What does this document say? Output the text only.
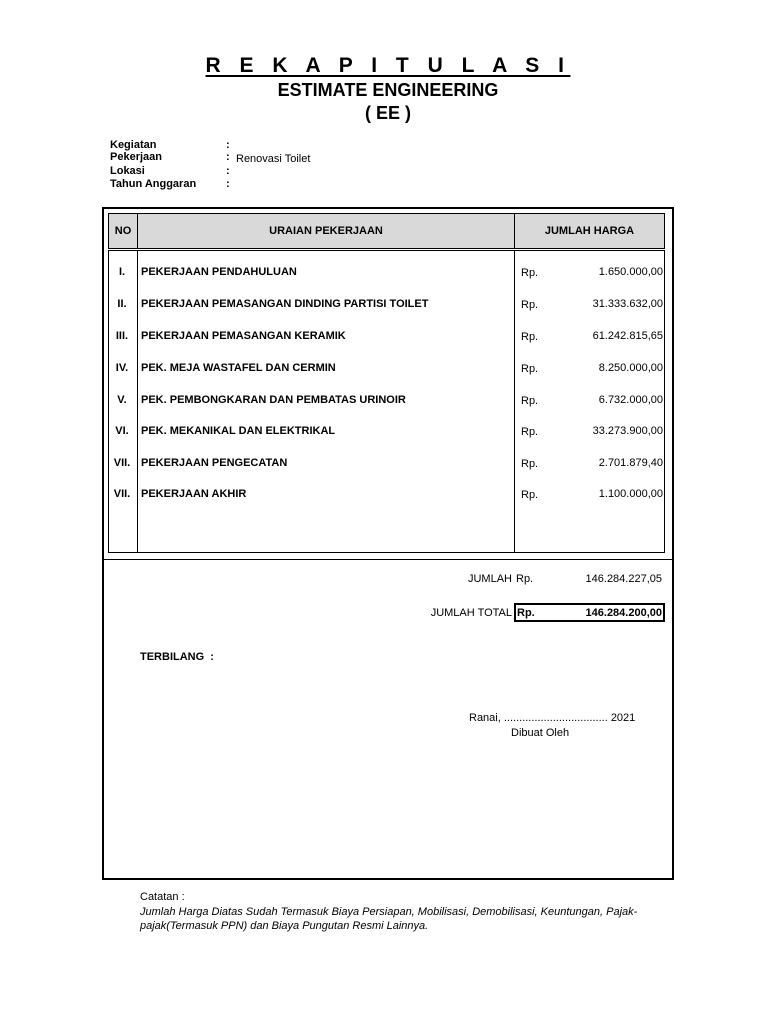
R E K A P I T U L A S I
ESTIMATE ENGINEERING
( EE )
Kegiatan	:
Pekerjaan	: Renovasi Toilet
Lokasi	:
Tahun Anggaran	:
NO	URAIAN PEKERJAAN	JUMLAH HARGA
I.	PEKERJAAN PENDAHULUAN	Rp.	1.650.000,00
II.	PEKERJAAN PEMASANGAN DINDING PARTISI TOILET	Rp.	31.333.632,00
III.	PEKERJAAN PEMASANGAN KERAMIK	Rp.	61.242.815,65
IV.	PEK. MEJA WASTAFEL DAN CERMIN	Rp.	8.250.000,00
V.	PEK. PEMBONGKARAN DAN PEMBATAS URINOIR	Rp.	6.732.000,00
VI.	PEK. MEKANIKAL DAN ELEKTRIKAL	Rp.	33.273.900,00
VII. PEKERJAAN PENGECATAN	Rp.	2.701.879,40
VII. PEKERJAAN AKHIR	Rp.	1.100.000,00
JUMLAH Rp.	146.284.227,05
JUMLAH TOTAL Rp.	146.284.200,00
TERBILANG  :
Ranai, .................................. 2021
Dibuat Oleh
Catatan :
Jumlah Harga Diatas Sudah Termasuk Biaya Persiapan, Mobilisasi, Demobilisasi, Keuntungan, Pajak-
pajak(Termasuk PPN) dan Biaya Pungutan Resmi Lainnya.
